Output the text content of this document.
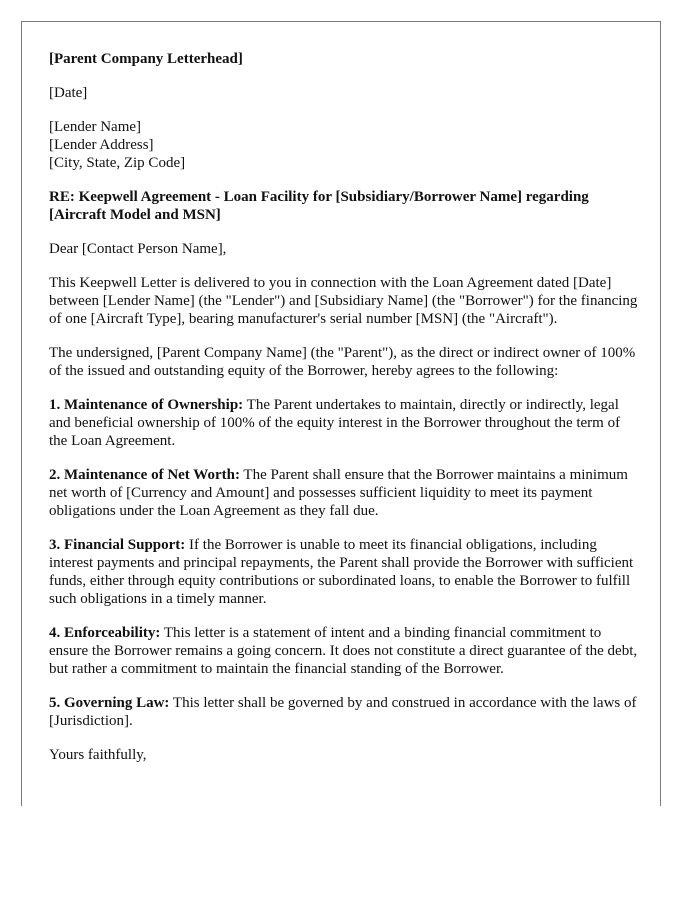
[Parent Company Letterhead]

[Date]

[Lender Name]
[Lender Address]
[City, State, Zip Code]

RE: Keepwell Agreement - Loan Facility for [Subsidiary/Borrower Name] regarding [Aircraft Model and MSN]

Dear [Contact Person Name],

This Keepwell Letter is delivered to you in connection with the Loan Agreement dated [Date] between [Lender Name] (the "Lender") and [Subsidiary Name] (the "Borrower") for the financing of one [Aircraft Type], bearing manufacturer's serial number [MSN] (the "Aircraft").

The undersigned, [Parent Company Name] (the "Parent"), as the direct or indirect owner of 100% of the issued and outstanding equity of the Borrower, hereby agrees to the following:

1. Maintenance of Ownership: The Parent undertakes to maintain, directly or indirectly, legal and beneficial ownership of 100% of the equity interest in the Borrower throughout the term of the Loan Agreement.

2. Maintenance of Net Worth: The Parent shall ensure that the Borrower maintains a minimum net worth of [Currency and Amount] and possesses sufficient liquidity to meet its payment obligations under the Loan Agreement as they fall due.

3. Financial Support: If the Borrower is unable to meet its financial obligations, including interest payments and principal repayments, the Parent shall provide the Borrower with sufficient funds, either through equity contributions or subordinated loans, to enable the Borrower to fulfill such obligations in a timely manner.

4. Enforceability: This letter is a statement of intent and a binding financial commitment to ensure the Borrower remains a going concern. It does not constitute a direct guarantee of the debt, but rather a commitment to maintain the financial standing of the Borrower.

5. Governing Law: This letter shall be governed by and construed in accordance with the laws of [Jurisdiction].

Yours faithfully,
